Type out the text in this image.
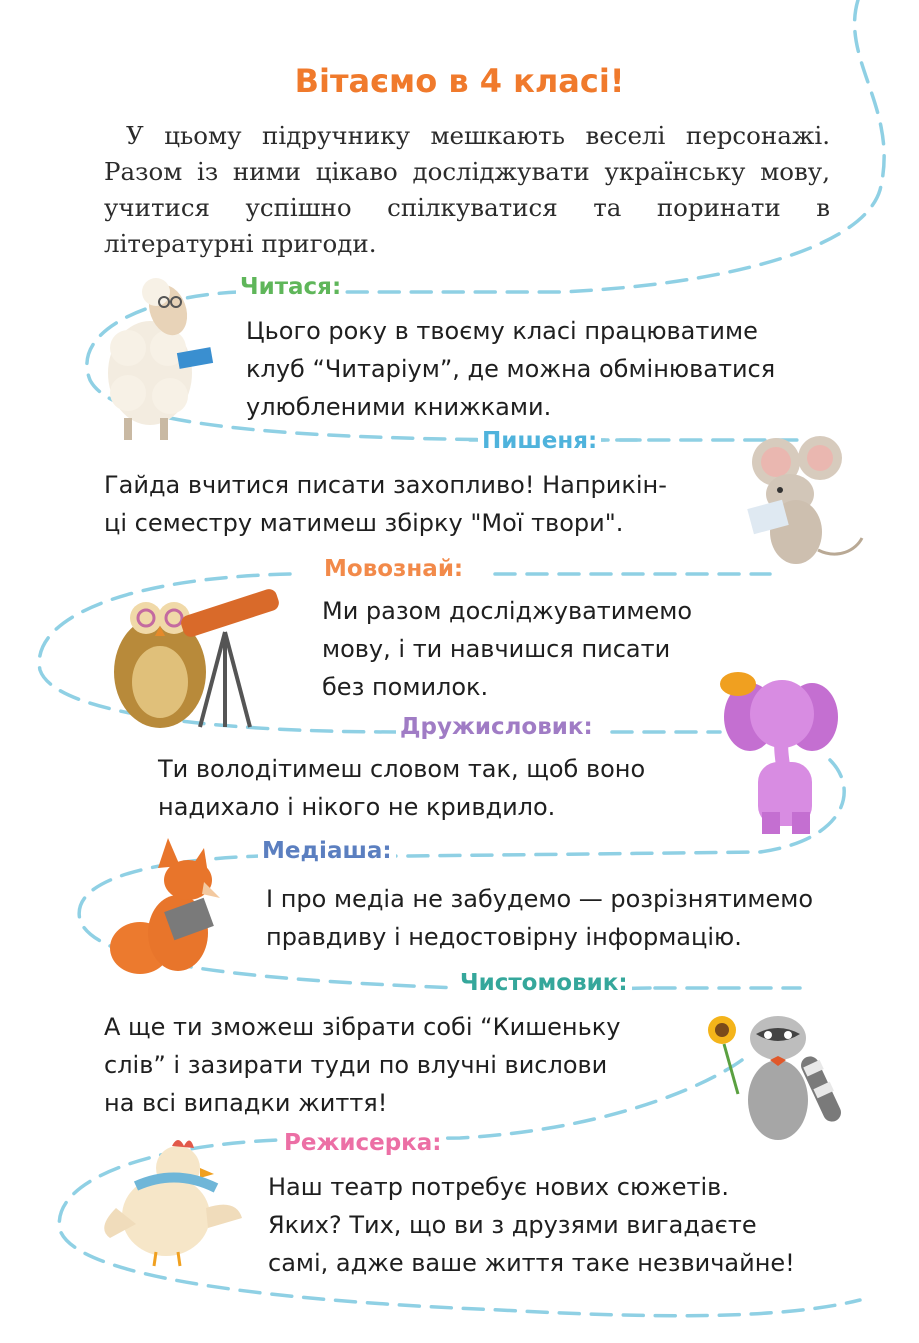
Вітаємо в 4 класі!

У цьому підручнику мешкають веселі персонажі. Разом із ними цікаво досліджувати українську мову, учитися успішно спілкуватися та поринати в літературні пригоди.

Читася:

Цього року в твоєму класі працюватиме
клуб “Читаріум”, де можна обмінюватися
улюбленими книжками.

Пишеня:

Гайда вчитися писати захопливо! Наприкін-
ці семестру матимеш збірку "Мої твори".

Мовознай:

Ми разом досліджуватимемо
мову, і ти навчишся писати
без помилок.

Дружисловик:

Ти володітимеш словом так, щоб воно
надихало і нікого не кривдило.

Медіаша:

І про медіа не забудемо — розрізнятимемо
правдиву і недостовірну інформацію.

Чистомовик:

А ще ти зможеш зібрати собі “Кишеньку
слів” і зазирати туди по влучні вислови
на всі випадки життя!

Режисерка:

Наш театр потребує нових сюжетів.
Яких? Тих, що ви з друзями вигадаєте
самі, адже ваше життя таке незвичайне!
